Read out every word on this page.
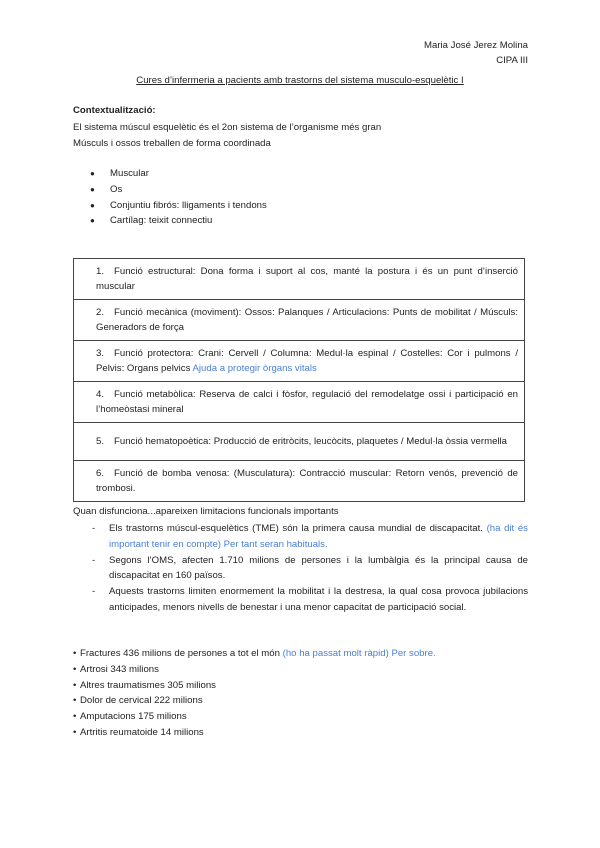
Maria José Jerez Molina
CIPA III
Cures d’infermeria a pacients amb trastorns del sistema musculo-esquelètic I
Contextualització:
El sistema múscul esquelètic és el 2on sistema de l’organisme més gran
Músculs i ossos treballen de forma coordinada
● Muscular
● Os
● Conjuntiu fibrós: lligaments i tendons
● Cartílag: teixit connectiu
1. Funció estructural: Dona forma i suport al cos, manté la postura i és un punt d’inserció muscular
2. Funció mecànica (moviment): Ossos: Palanques / Articulacions: Punts de mobilitat / Músculs: Generadors de força
3. Funció protectora: Crani: Cervell / Columna: Medul·la espinal / Costelles: Cor i pulmons / Pelvis: Organs pelvics Ajuda a protegir òrgans vitals
4. Funció metabòlica: Reserva de calci i fòsfor, regulació del remodelatge ossi i participació en l’homeòstasi mineral
5. Funció hematopoètica: Producció de eritròcits, leucòcits, plaquetes / Medul·la òssia vermella
6. Funció de bomba venosa: (Musculatura): Contracció muscular: Retorn venós, prevenció de trombosi.
Quan disfunciona...apareixen limitacions funcionals importants
- Els trastorns múscul-esquelètics (TME) són la primera causa mundial de discapacitat. (ha dit és important tenir en compte) Per tant seran habituals.
- Segons l’OMS, afecten 1.710 milions de persones i la lumbàlgia és la principal causa de discapacitat en 160 països.
- Aquests trastorns limiten enormement la mobilitat i la destresa, la qual cosa provoca jubilacions anticipades, menors nivells de benestar i una menor capacitat de participació social.
• Fractures 436 milions de persones a tot el món (ho ha passat molt ràpid) Per sobre.
• Artrosi 343 milions
• Altres traumatismes 305 milions
• Dolor de cervical 222 milions
• Amputacions 175 milions
• Artritis reumatoide 14 milions
